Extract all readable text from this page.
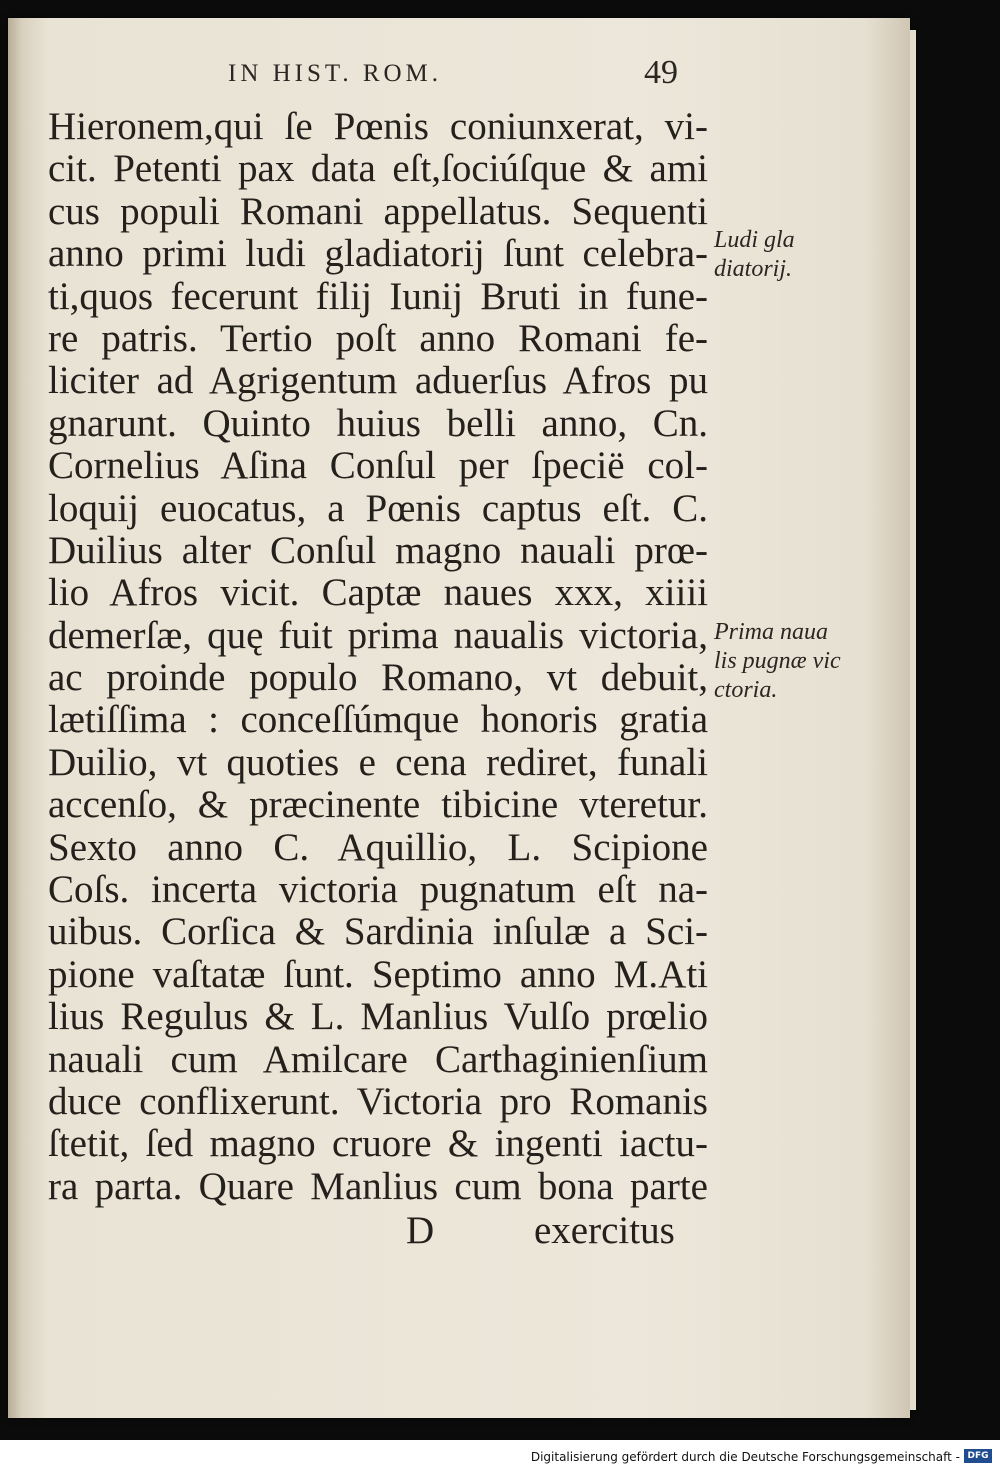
IN HIST. ROM.	49
Hieronem,qui ſe Pœnis coniunxerat, vi-
cit. Petenti pax data eſt,ſociúſque & ami
cus populi Romani appellatus. Sequenti
anno primi ludi gladiatorij ſunt celebra-
ti,quos fecerunt filij Iunij Bruti in fune-
re patris. Tertio poſt anno Romani fe-
liciter ad Agrigentum aduerſus Afros pu
gnarunt. Quinto huius belli anno, Cn.
Cornelius Aſina Conſul per ſpecië col-
loquij euocatus, a Pœnis captus eſt. C.
Duilius alter Conſul magno nauali prœ-
lio Afros vicit. Captæ naues xxx, xiiii
demerſæ, quę fuit prima naualis victoria,
ac proinde populo Romano, vt debuit,
lætiſſima : conceſſúmque honoris gratia
Duilio, vt quoties e cena rediret, funali
accenſo, & præcinente tibicine vteretur.
Sexto anno C. Aquillio, L. Scipione
Coſs. incerta victoria pugnatum eſt na-
uibus. Corſica & Sardinia inſulæ a Sci-
pione vaſtatæ ſunt. Septimo anno M.Ati
lius Regulus & L. Manlius Vulſo prœlio
nauali cum Amilcare Carthaginienſium
duce conflixerunt. Victoria pro Romanis
ſtetit, ſed magno cruore & ingenti iactu-
ra parta. Quare Manlius cum bona parte
Ludi gla
diatorij.
Prima naua
lis pugnæ vic
ctoria.
D	exercitus
Digitalisierung gefördert durch die Deutsche Forschungsgemeinschaft - DFG
